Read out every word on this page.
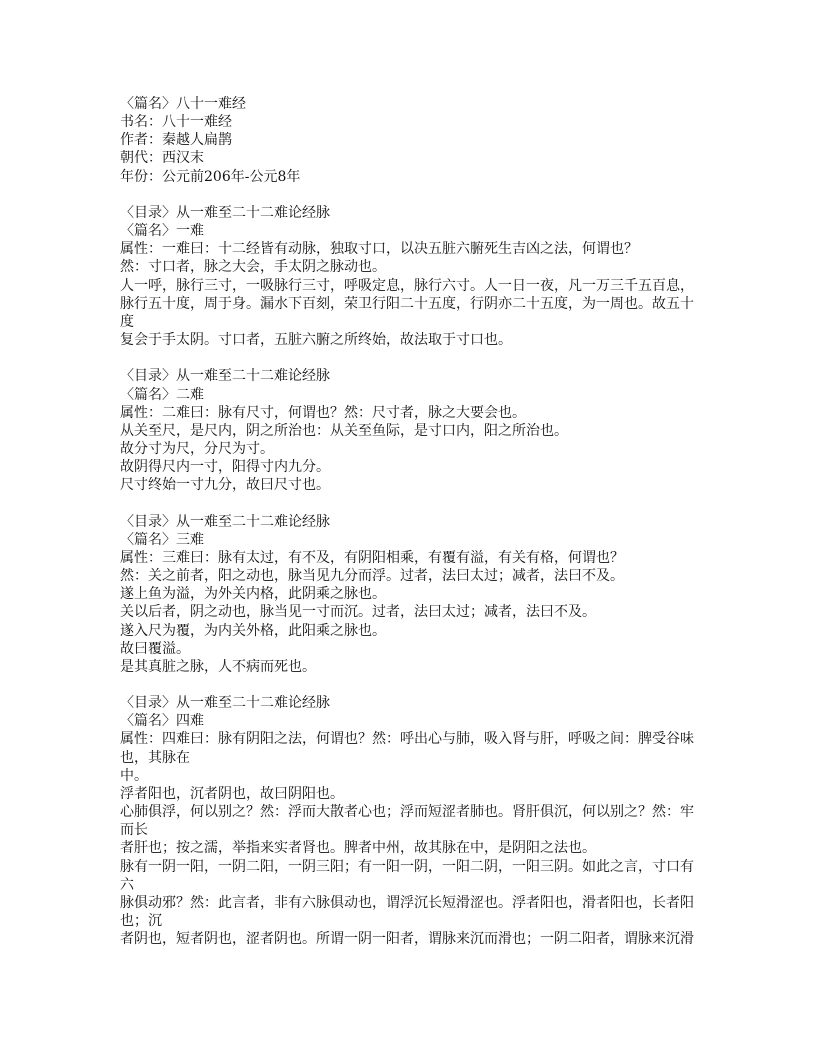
〈篇名〉八十一难经
书名：八十一难经
作者：秦越人扁鹊
朝代：西汉末
年份：公元前206年-公元8年
〈目录〉从一难至二十二难论经脉
〈篇名〉一难
属性：一难曰：十二经皆有动脉，独取寸口，以决五脏六腑死生吉凶之法，何谓也？
然：寸口者，脉之大会，手太阴之脉动也。
人一呼，脉行三寸，一吸脉行三寸，呼吸定息，脉行六寸。人一日一夜，凡一万三千五百息，
脉行五十度，周于身。漏水下百刻，荣卫行阳二十五度，行阴亦二十五度，为一周也。故五十
度
复会于手太阴。寸口者，五脏六腑之所终始，故法取于寸口也。
〈目录〉从一难至二十二难论经脉
〈篇名〉二难
属性：二难曰：脉有尺寸，何谓也？然：尺寸者，脉之大要会也。
从关至尺，是尺内，阴之所治也：从关至鱼际，是寸口内，阳之所治也。
故分寸为尺，分尺为寸。
故阴得尺内一寸，阳得寸内九分。
尺寸终始一寸九分，故曰尺寸也。
〈目录〉从一难至二十二难论经脉
〈篇名〉三难
属性：三难曰：脉有太过，有不及，有阴阳相乘，有覆有溢，有关有格，何谓也？
然：关之前者，阳之动也，脉当见九分而浮。过者，法曰太过；减者，法曰不及。
遂上鱼为溢，为外关内格，此阴乘之脉也。
关以后者，阴之动也，脉当见一寸而沉。过者，法曰太过；减者，法曰不及。
遂入尺为覆，为内关外格，此阳乘之脉也。
故曰覆溢。
是其真脏之脉，人不病而死也。
〈目录〉从一难至二十二难论经脉
〈篇名〉四难
属性：四难曰：脉有阴阳之法，何谓也？然：呼出心与肺，吸入肾与肝，呼吸之间：脾受谷味
也，其脉在
中。
浮者阳也，沉者阴也，故曰阴阳也。
心肺俱浮，何以别之？然：浮而大散者心也；浮而短涩者肺也。肾肝俱沉，何以别之？然：牢
而长
者肝也；按之濡，举指来实者肾也。脾者中州，故其脉在中，是阴阳之法也。
脉有一阴一阳，一阴二阳，一阴三阳；有一阳一阴，一阳二阴，一阳三阴。如此之言，寸口有
六
脉俱动邪？然：此言者，非有六脉俱动也，谓浮沉长短滑涩也。浮者阳也，滑者阳也，长者阳
也；沉
者阴也，短者阴也，涩者阴也。所谓一阴一阳者，谓脉来沉而滑也；一阴二阳者，谓脉来沉滑
